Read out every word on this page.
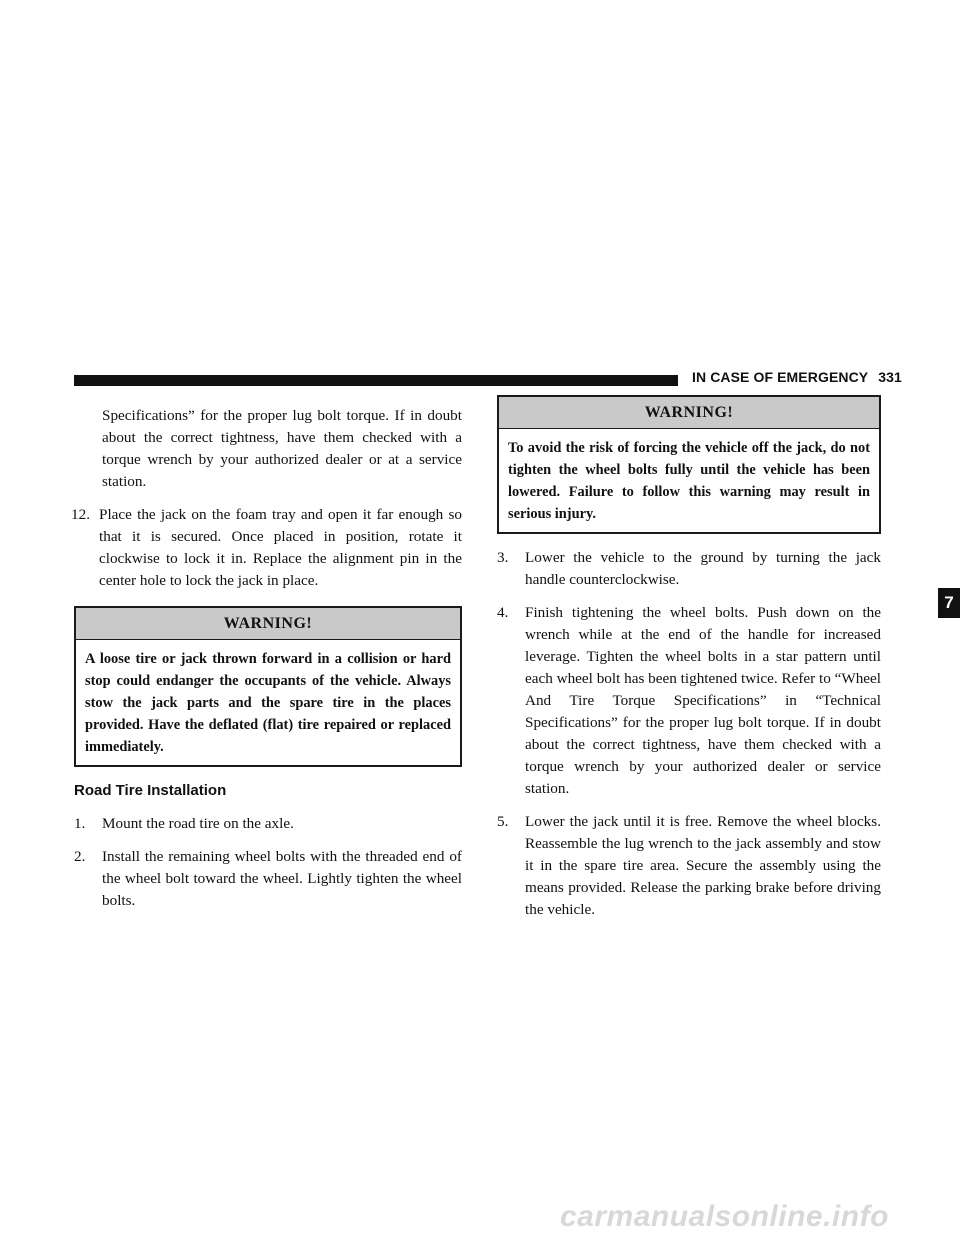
IN CASE OF EMERGENCY 331
7

Specifications” for the proper lug bolt torque. If in doubt about the correct tightness, have them checked with a torque wrench by your authorized dealer or at a service station.

12. Place the jack on the foam tray and open it far enough so that it is secured. Once placed in position, rotate it clockwise to lock it in. Replace the alignment pin in the center hole to lock the jack in place.
WARNING!
A loose tire or jack thrown forward in a collision or hard stop could endanger the occupants of the vehicle. Always stow the jack parts and the spare tire in the places provided. Have the deflated (flat) tire repaired or replaced immediately.
Road Tire Installation
1.	Mount the road tire on the axle.
2.	Install the remaining wheel bolts with the threaded end of the wheel bolt toward the wheel. Lightly tighten the wheel bolts.
WARNING!
To avoid the risk of forcing the vehicle off the jack, do not tighten the wheel bolts fully until the vehicle has been lowered. Failure to follow this warning may result in serious injury.
3.	Lower the vehicle to the ground by turning the jack handle counterclockwise.
4.	Finish tightening the wheel bolts. Push down on the wrench while at the end of the handle for increased leverage. Tighten the wheel bolts in a star pattern until each wheel bolt has been tightened twice. Refer to “Wheel And Tire Torque Specifications” in “Technical Specifications” for the proper lug bolt torque. If in doubt about the correct tightness, have them checked with a torque wrench by your authorized dealer or service station.
5.	Lower the jack until it is free. Remove the wheel blocks. Reassemble the lug wrench to the jack assembly and stow it in the spare tire area. Secure the assembly using the means provided. Release the parking brake before driving the vehicle.
carmanualsonline.info
